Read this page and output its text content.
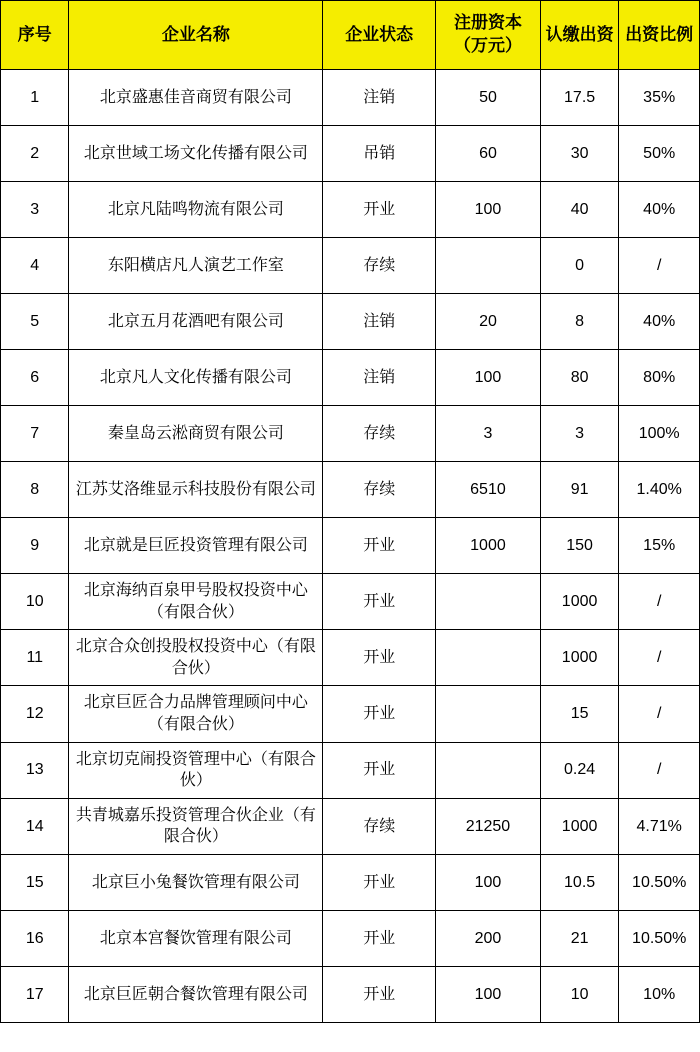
序号	企业名称	企业状态	注册资本（万元）	认缴出资	出资比例
1	北京盛惠佳音商贸有限公司	注销	50	17.5	35%
2	北京世域工场文化传播有限公司	吊销	60	30	50%
3	北京凡陆鸣物流有限公司	开业	100	40	40%
4	东阳横店凡人演艺工作室	存续		0	/
5	北京五月花酒吧有限公司	注销	20	8	40%
6	北京凡人文化传播有限公司	注销	100	80	80%
7	秦皇岛云淞商贸有限公司	存续	3	3	100%
8	江苏艾洛维显示科技股份有限公司	存续	6510	91	1.40%
9	北京就是巨匠投资管理有限公司	开业	1000	150	15%
10	北京海纳百泉甲号股权投资中心（有限合伙）	开业		1000	/
11	北京合众创投股权投资中心（有限合伙）	开业		1000	/
12	北京巨匠合力品牌管理顾问中心（有限合伙）	开业		15	/
13	北京切克闹投资管理中心（有限合伙）	开业		0.24	/
14	共青城嘉乐投资管理合伙企业（有限合伙）	存续	21250	1000	4.71%
15	北京巨小兔餐饮管理有限公司	开业	100	10.5	10.50%
16	北京本宫餐饮管理有限公司	开业	200	21	10.50%
17	北京巨匠朝合餐饮管理有限公司	开业	100	10	10%
